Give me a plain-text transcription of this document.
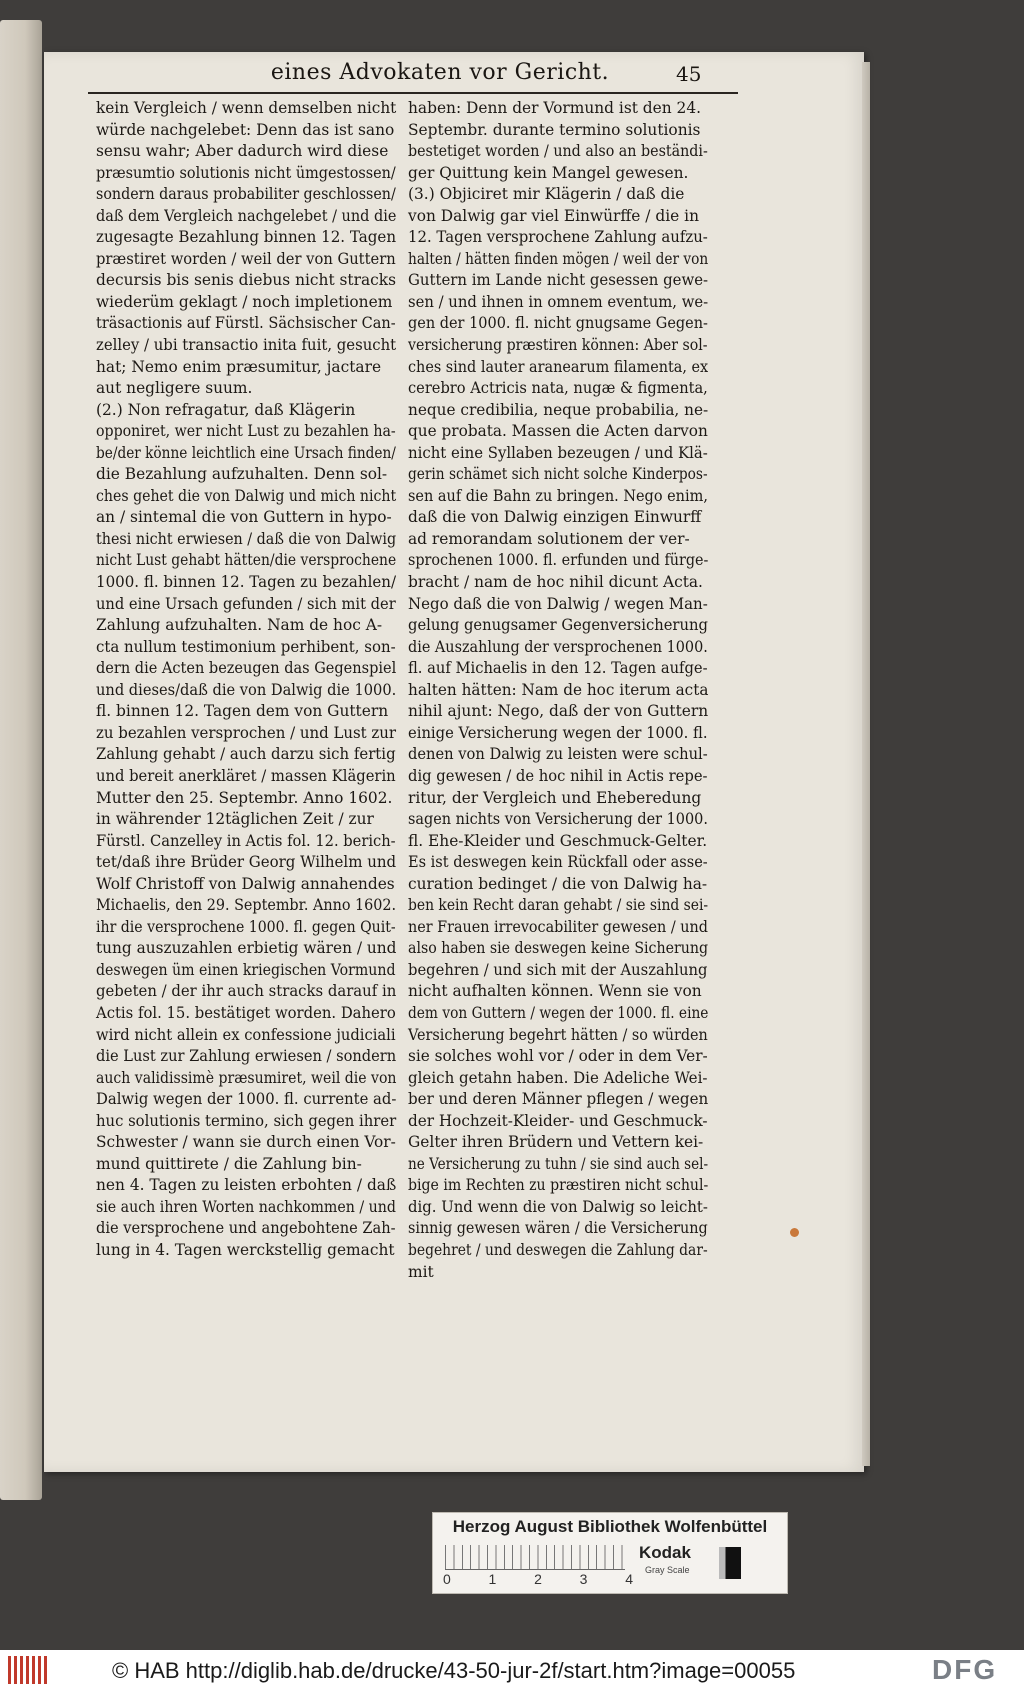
eines Advokaten vor Gericht.	45
kein Vergleich / wenn demselben nicht
würde nachgelebet: Denn das ist sano
sensu wahr; Aber dadurch wird diese
præsumtio solutionis nicht ümgestossen/
sondern daraus probabiliter geschlossen/
daß dem Vergleich nachgelebet / und die
zugesagte Bezahlung binnen 12. Tagen
præstiret worden / weil der von Guttern
decursis bis senis diebus nicht stracks
wiederüm geklagt / noch impletionem
träsactionis auf Fürstl. Sächsischer Can-
zelley / ubi transactio inita fuit, gesucht
hat; Nemo enim præsumitur, jactare
aut negligere suum.
(2.) Non refragatur, daß Klägerin
opponiret, wer nicht Lust zu bezahlen ha-
be/der könne leichtlich eine Ursach finden/
die Bezahlung aufzuhalten. Denn sol-
ches gehet die von Dalwig und mich nicht
an / sintemal die von Guttern in hypo-
thesi nicht erwiesen / daß die von Dalwig
nicht Lust gehabt hätten/die versprochene
1000. fl. binnen 12. Tagen zu bezahlen/
und eine Ursach gefunden / sich mit der
Zahlung aufzuhalten. Nam de hoc A-
cta nullum testimonium perhibent, son-
dern die Acten bezeugen das Gegenspiel
und dieses/daß die von Dalwig die 1000.
fl. binnen 12. Tagen dem von Guttern
zu bezahlen versprochen / und Lust zur
Zahlung gehabt / auch darzu sich fertig
und bereit anerkläret / massen Klägerin
Mutter den 25. Septembr. Anno 1602.
in währender 12täglichen Zeit / zur
Fürstl. Canzelley in Actis fol. 12. berich-
tet/daß ihre Brüder Georg Wilhelm und
Wolf Christoff von Dalwig annahendes
Michaelis, den 29. Septembr. Anno 1602.
ihr die versprochene 1000. fl. gegen Quit-
tung auszuzahlen erbietig wären / und
deswegen üm einen kriegischen Vormund
gebeten / der ihr auch stracks darauf in
Actis fol. 15. bestätiget worden. Dahero
wird nicht allein ex confessione judiciali
die Lust zur Zahlung erwiesen / sondern
auch validissimè præsumiret, weil die von
Dalwig wegen der 1000. fl. currente ad-
huc solutionis termino, sich gegen ihrer
Schwester / wann sie durch einen Vor-
mund quittirete / die Zahlung bin-
nen 4. Tagen zu leisten erbohten / daß
sie auch ihren Worten nachkommen / und
die versprochene und angebohtene Zah-
lung in 4. Tagen werckstellig gemacht
haben: Denn der Vormund ist den 24.
Septembr. durante termino solutionis
bestetiget worden / und also an beständi-
ger Quittung kein Mangel gewesen.
(3.) Objiciret mir Klägerin / daß die
von Dalwig gar viel Einwürffe / die in
12. Tagen versprochene Zahlung aufzu-
halten / hätten finden mögen / weil der von
Guttern im Lande nicht gesessen gewe-
sen / und ihnen in omnem eventum, we-
gen der 1000. fl. nicht gnugsame Gegen-
versicherung præstiren können: Aber sol-
ches sind lauter aranearum filamenta, ex
cerebro Actricis nata, nugæ & figmenta,
neque credibilia, neque probabilia, ne-
que probata. Massen die Acten darvon
nicht eine Syllaben bezeugen / und Klä-
gerin schämet sich nicht solche Kinderpos-
sen auf die Bahn zu bringen. Nego enim,
daß die von Dalwig einzigen Einwurff
ad remorandam solutionem der ver-
sprochenen 1000. fl. erfunden und fürge-
bracht / nam de hoc nihil dicunt Acta.
Nego daß die von Dalwig / wegen Man-
gelung genugsamer Gegenversicherung
die Auszahlung der versprochenen 1000.
fl. auf Michaelis in den 12. Tagen aufge-
halten hätten: Nam de hoc iterum acta
nihil ajunt: Nego, daß der von Guttern
einige Versicherung wegen der 1000. fl.
denen von Dalwig zu leisten were schul-
dig gewesen / de hoc nihil in Actis repe-
ritur, der Vergleich und Eheberedung
sagen nichts von Versicherung der 1000.
fl. Ehe-Kleider und Geschmuck-Gelter.
Es ist deswegen kein Rückfall oder asse-
curation bedinget / die von Dalwig ha-
ben kein Recht daran gehabt / sie sind sei-
ner Frauen irrevocabiliter gewesen / und
also haben sie deswegen keine Sicherung
begehren / und sich mit der Auszahlung
nicht aufhalten können. Wenn sie von
dem von Guttern / wegen der 1000. fl. eine
Versicherung begehrt hätten / so würden
sie solches wohl vor / oder in dem Ver-
gleich getahn haben. Die Adeliche Wei-
ber und deren Männer pflegen / wegen
der Hochzeit-Kleider- und Geschmuck-
Gelter ihren Brüdern und Vettern kei-
ne Versicherung zu tuhn / sie sind auch sel-
bige im Rechten zu præstiren nicht schul-
dig. Und wenn die von Dalwig so leicht-
sinnig gewesen wären / die Versicherung
begehret / und deswegen die Zahlung dar-
mit
Herzog August Bibliothek Wolfenbüttel
0	1	2	3	4
Kodak
Gray Scale
© HAB http://diglib.hab.de/drucke/43-50-jur-2f/start.htm?image=00055	DFG
